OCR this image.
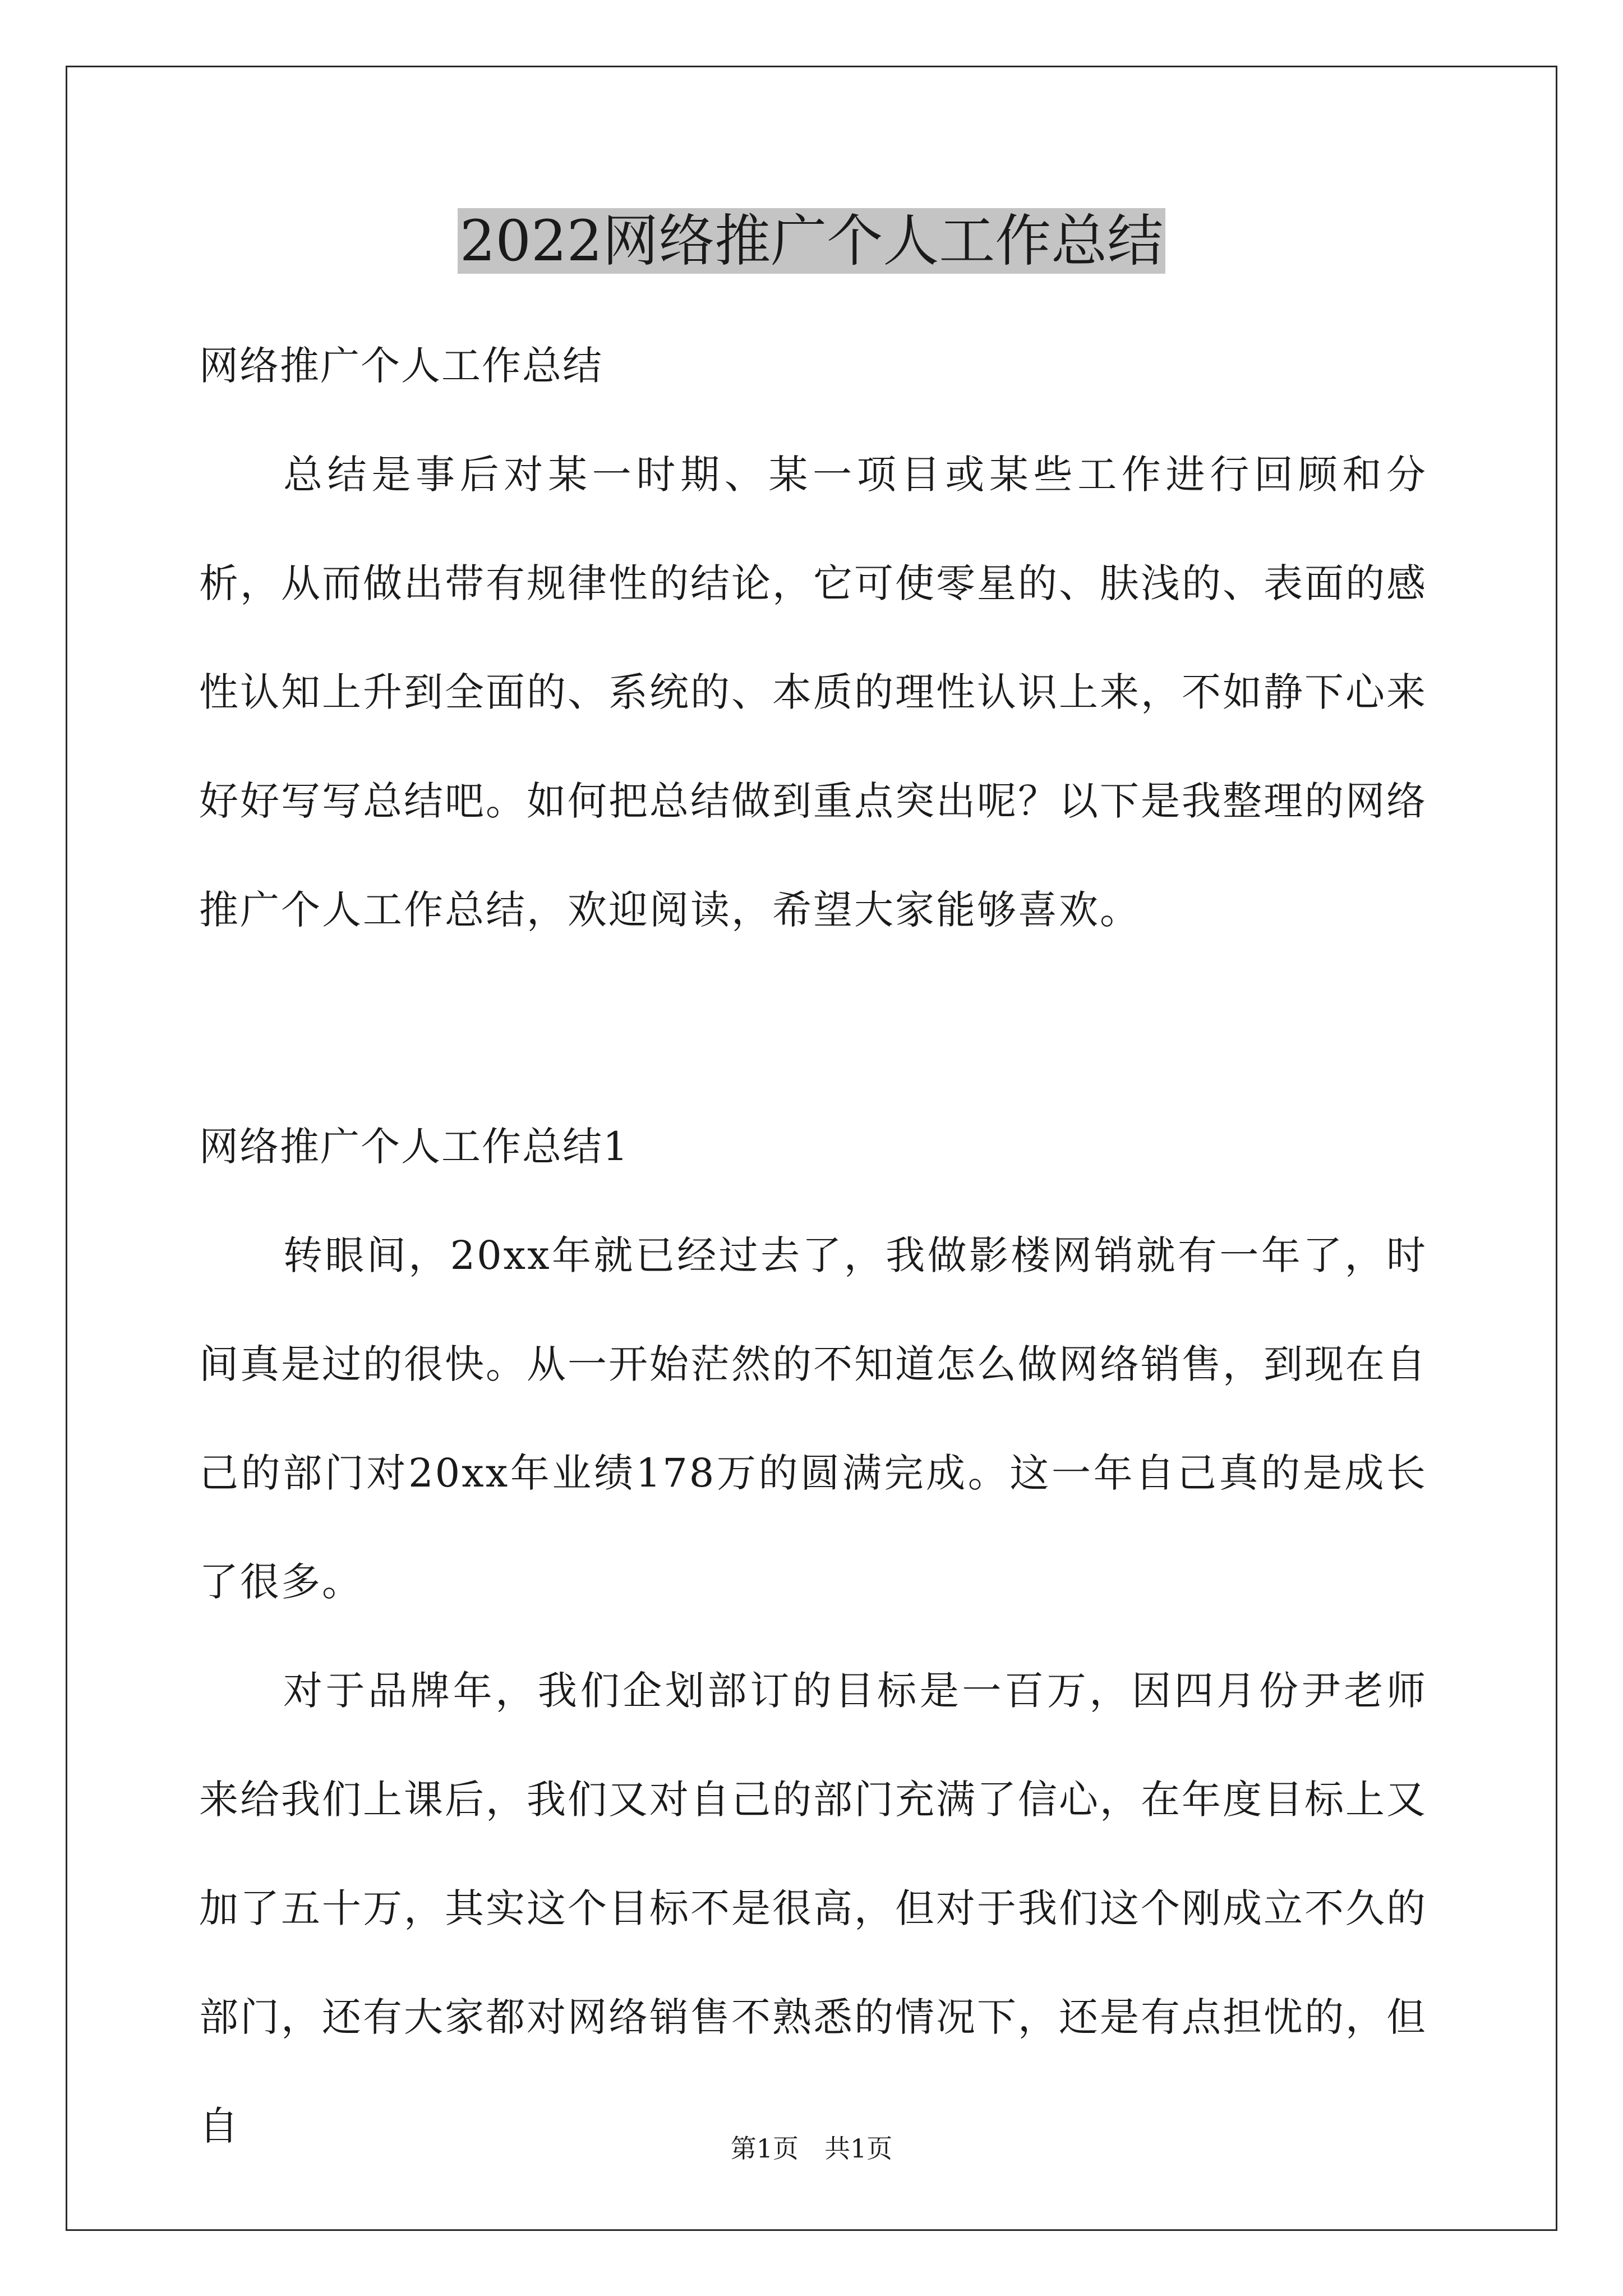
2022网络推广个人工作总结

网络推广个人工作总结

总结是事后对某一时期、某一项目或某些工作进行回顾和分析，从而做出带有规律性的结论，它可使零星的、肤浅的、表面的感性认知上升到全面的、系统的、本质的理性认识上来，不如静下心来好好写写总结吧。如何把总结做到重点突出呢？以下是我整理的网络推广个人工作总结，欢迎阅读，希望大家能够喜欢。

网络推广个人工作总结1

转眼间，20xx年就已经过去了，我做影楼网销就有一年了，时间真是过的很快。从一开始茫然的不知道怎么做网络销售，到现在自己的部门对20xx年业绩178万的圆满完成。这一年自己真的是成长了很多。

对于品牌年，我们企划部订的目标是一百万，因四月份尹老师来给我们上课后，我们又对自己的部门充满了信心，在年度目标上又加了五十万，其实这个目标不是很高，但对于我们这个刚成立不久的部门，还有大家都对网络销售不熟悉的情况下，还是有点担忧的，但自	第1页　共1页
